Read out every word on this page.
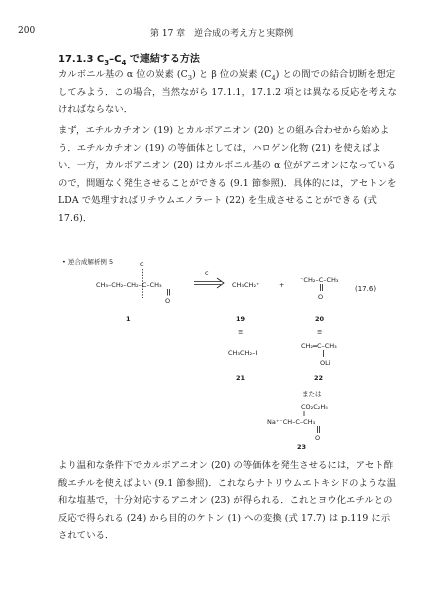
200	第 17 章　逆合成の考え方と実際例
17.1.3 $C_3-C_4$ で連結する方法
カルボニル基の α 位の炭素 $(C_3)$ と β 位の炭素 $(C_4)$ との間での結合切断を想定してみよう．この場合，当然ながら 17.1.1，17.1.2 項とは異なる反応を考えなければならない．
まず，エチルカチオン (19) とカルボアニオン (20) との組み合わせから始めよう．エチルカチオン (19) の等価体としては，ハロゲン化物 (21) を使えばよい．一方，カルボアニオン (20) はカルボニル基の α 位がアニオンになっているので，問題なく発生させることができる (9.1 節参照)．具体的には，アセトンを LDA で処理すればリチウムエノラート (22) を生成させることができる (式 17.6)．
• 逆合成解析例 5	c
CH₃–CH₂–CH₂–C–CH₃
O
1
c
CH₃CH₂⁺	+
⁻CH₂–C–CH₃
O
(17.6)
19	20
≡	≡
CH₃CH₂–I
CH₂═C–CH₃
OLi
21	22
または
CO₂C₂H₅
Na⁺⁻CH–C–CH₃
O
23
より温和な条件下でカルボアニオン (20) の等価体を発生させるには，アセト酢酸エチルを使えばよい (9.1 節参照)．これならナトリウムエトキシドのような温和な塩基で，十分対応するアニオン (23) が得られる．これとヨウ化エチルとの反応で得られる (24) から目的のケトン (1) への変換 (式 17.7) は p.119 に示されている．
